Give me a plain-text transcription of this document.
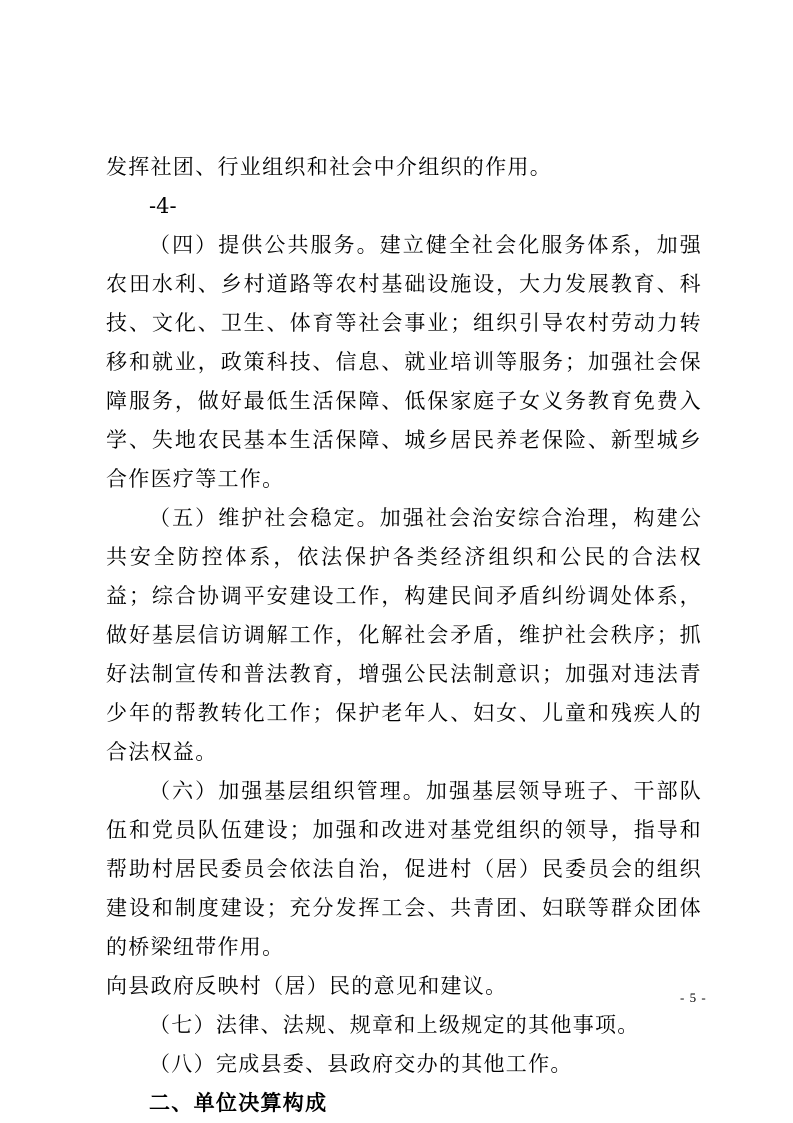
发挥社团、行业组织和社会中介组织的作用。

-4-

（四）提供公共服务。建立健全社会化服务体系，加强农田水利、乡村道路等农村基础设施设，大力发展教育、科技、文化、卫生、体育等社会事业；组织引导农村劳动力转移和就业，政策科技、信息、就业培训等服务；加强社会保障服务，做好最低生活保障、低保家庭子女义务教育免费入学、失地农民基本生活保障、城乡居民养老保险、新型城乡合作医疗等工作。

（五）维护社会稳定。加强社会治安综合治理，构建公共安全防控体系，依法保护各类经济组织和公民的合法权益；综合协调平安建设工作，构建民间矛盾纠纷调处体系，做好基层信访调解工作，化解社会矛盾，维护社会秩序；抓好法制宣传和普法教育，增强公民法制意识；加强对违法青少年的帮教转化工作；保护老年人、妇女、儿童和残疾人的合法权益。

（六）加强基层组织管理。加强基层领导班子、干部队伍和党员队伍建设；加强和改进对基党组织的领导，指导和帮助村居民委员会依法自治，促进村（居）民委员会的组织建设和制度建设；充分发挥工会、共青团、妇联等群众团体的桥梁纽带作用。

向县政府反映村（居）民的意见和建议。

（七）法律、法规、规章和上级规定的其他事项。

（八）完成县委、县政府交办的其他工作。

二、单位决算构成

- 5 -
